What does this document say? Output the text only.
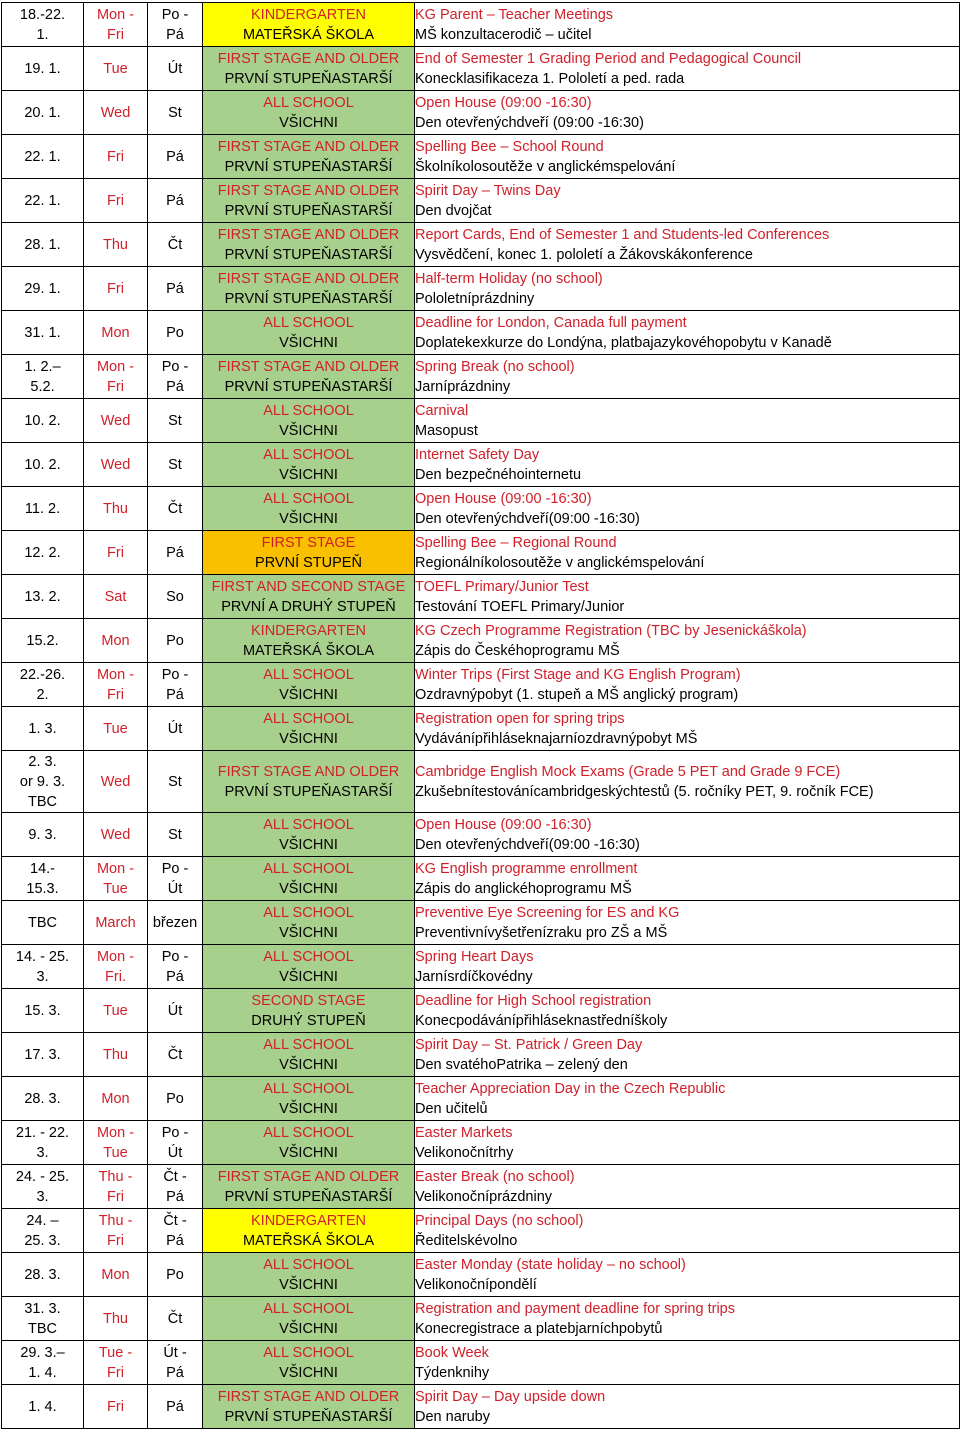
18.-22.
1.	Mon -
Fri	Po -
Pá	KINDERGARTEN
MATEŘSKÁ ŠKOLA	KG Parent – Teacher Meetings
MŠ konzultacerodič – učitel

19. 1.	Tue	Út	FIRST STAGE AND OLDER
PRVNÍ STUPEŇASTARŠÍ	End of Semester 1 Grading Period and Pedagogical Council
Konecklasifikaceza 1. Pololetí a ped. rada

20. 1.	Wed	St	ALL SCHOOL
VŠICHNI	Open House (09:00 -16:30)
Den otevřenýchdveří (09:00 -16:30)

22. 1.	Fri	Pá	FIRST STAGE AND OLDER
PRVNÍ STUPEŇASTARŠÍ	Spelling Bee – School Round
Školníkolosoutěže v anglickémspelování

22. 1.	Fri	Pá	FIRST STAGE AND OLDER
PRVNÍ STUPEŇASTARŠÍ	Spirit Day – Twins Day
Den dvojčat

28. 1.	Thu	Čt	FIRST STAGE AND OLDER
PRVNÍ STUPEŇASTARŠÍ	Report Cards, End of Semester 1 and Students-led Conferences
Vysvědčení, konec 1. pololetí a Žákovskákonference

29. 1.	Fri	Pá	FIRST STAGE AND OLDER
PRVNÍ STUPEŇASTARŠÍ	Half-term Holiday (no school)
Pololetníprázdniny

31. 1.	Mon	Po	ALL SCHOOL
VŠICHNI	Deadline for London, Canada full payment
Doplatekexkurze do Londýna, platbajazykovéhopobytu v Kanadě

1. 2.–
5.2.	Mon -
Fri	Po -
Pá	FIRST STAGE AND OLDER
PRVNÍ STUPEŇASTARŠÍ	Spring Break (no school)
Jarníprázdniny

10. 2.	Wed	St	ALL SCHOOL
VŠICHNI	Carnival
Masopust

10. 2.	Wed	St	ALL SCHOOL
VŠICHNI	Internet Safety Day
Den bezpečnéhointernetu

11. 2.	Thu	Čt	ALL SCHOOL
VŠICHNI	Open House (09:00 -16:30)
Den otevřenýchdveří(09:00 -16:30)

12. 2.	Fri	Pá	FIRST STAGE
PRVNÍ STUPEŇ	Spelling Bee – Regional Round
Regionálníkolosoutěže v anglickémspelování

13. 2.	Sat	So	FIRST AND SECOND STAGE
PRVNÍ A DRUHÝ STUPEŇ	TOEFL Primary/Junior Test
Testování TOEFL Primary/Junior

15.2.	Mon	Po	KINDERGARTEN
MATEŘSKÁ ŠKOLA	KG Czech Programme Registration (TBC by Jesenickáškola)
Zápis do Českéhoprogramu MŠ

22.-26.
2.	Mon -
Fri	Po -
Pá	ALL SCHOOL
VŠICHNI	Winter Trips (First Stage and KG English Program)
Ozdravnýpobyt (1. stupeň a MŠ anglický program)

1. 3.	Tue	Út	ALL SCHOOL
VŠICHNI	Registration open for spring trips
Vydávánípřihláseknajarníozdravnýpobyt MŠ

2. 3.
or 9. 3.
TBC	Wed	St	FIRST STAGE AND OLDER
PRVNÍ STUPEŇASTARŠÍ	Cambridge English Mock Exams (Grade 5 PET and Grade 9 FCE)
Zkušebnítestovánícambridgeskýchtestů (5. ročníky PET, 9. ročník FCE)

9. 3.	Wed	St	ALL SCHOOL
VŠICHNI	Open House (09:00 -16:30)
Den otevřenýchdveří(09:00 -16:30)

14.-
15.3.	Mon -
Tue	Po -
Út	ALL SCHOOL
VŠICHNI	KG English programme enrollment
Zápis do anglickéhoprogramu MŠ

TBC	March	březen	ALL SCHOOL
VŠICHNI	Preventive Eye Screening for ES and KG
Preventivnívyšetřenízraku pro ZŠ a MŠ

14. - 25.
3.	Mon -
Fri.	Po -
Pá	ALL SCHOOL
VŠICHNI	Spring Heart Days
Jarnísrdíčkovédny

15. 3.	Tue	Út	SECOND STAGE
DRUHÝ STUPEŇ	Deadline for High School registration
Konecpodávánípřihláseknastředníškoly

17. 3.	Thu	Čt	ALL SCHOOL
VŠICHNI	Spirit Day – St. Patrick / Green Day
Den svatéhoPatrika – zelený den

28. 3.	Mon	Po	ALL SCHOOL
VŠICHNI	Teacher Appreciation Day in the Czech Republic
Den učitelů

21. - 22.
3.	Mon -
Tue	Po -
Út	ALL SCHOOL
VŠICHNI	Easter Markets
Velikonočnítrhy

24. - 25.
3.	Thu -
Fri	Čt -
Pá	FIRST STAGE AND OLDER
PRVNÍ STUPEŇASTARŠÍ	Easter Break (no school)
Velikonočníprázdniny

24. –
25. 3.	Thu -
Fri	Čt -
Pá	KINDERGARTEN
MATEŘSKÁ ŠKOLA	Principal Days (no school)
Ředitelskévolno

28. 3.	Mon	Po	ALL SCHOOL
VŠICHNI	Easter Monday (state holiday – no school)
Velikonočnípondělí

31. 3.
TBC	Thu	Čt	ALL SCHOOL
VŠICHNI	Registration and payment deadline for spring trips
Konecregistrace a platebjarníchpobytů

29. 3.–
1. 4.	Tue -
Fri	Út -
Pá	ALL SCHOOL
VŠICHNI	Book Week
Týdenknihy

1. 4.	Fri	Pá	FIRST STAGE AND OLDER
PRVNÍ STUPEŇASTARŠÍ	Spirit Day – Day upside down
Den naruby
